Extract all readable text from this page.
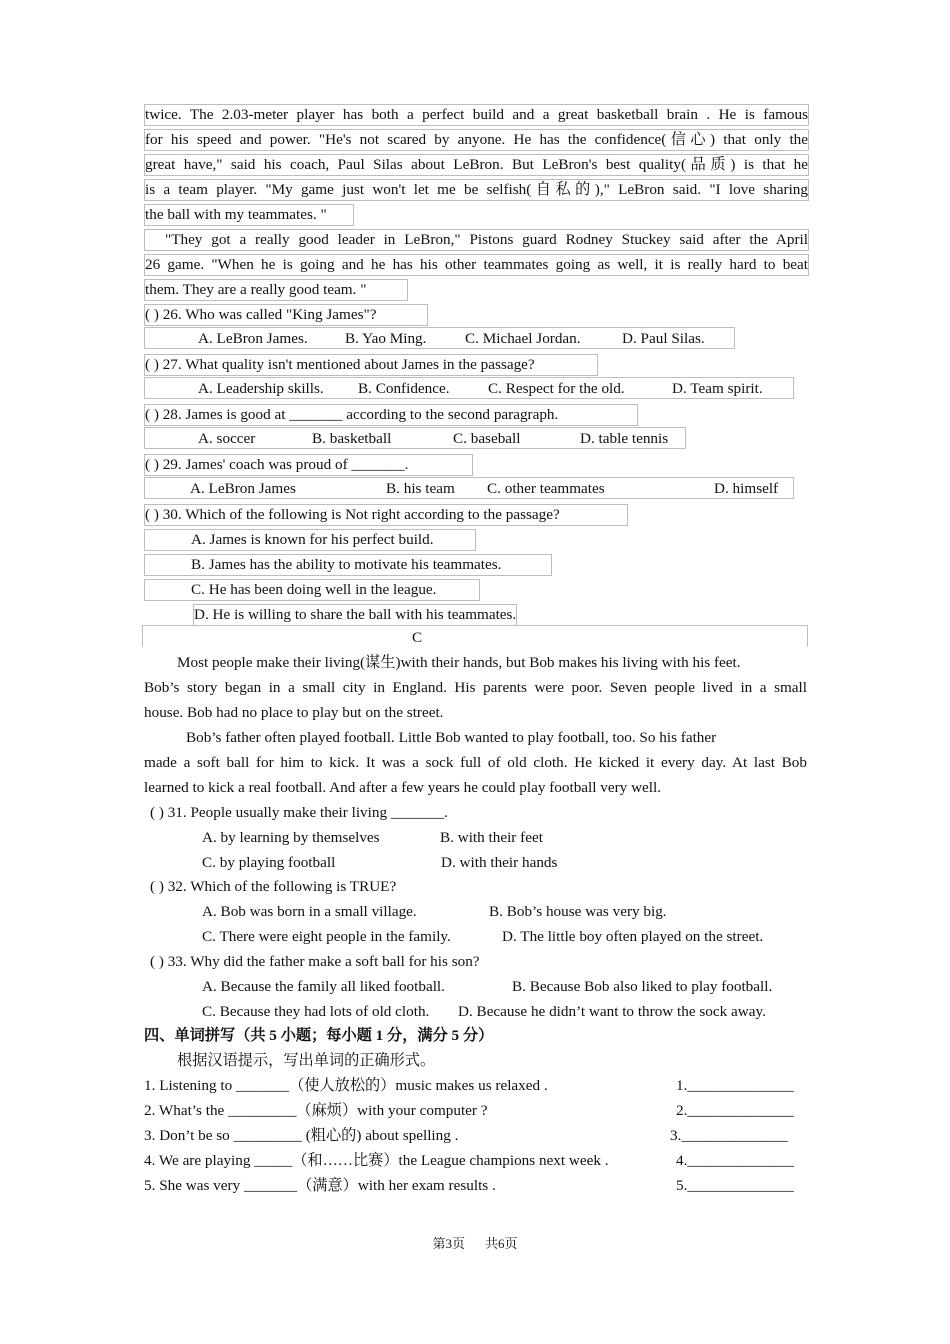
twice. The 2.03-meter player has both a perfect build and a great basketball brain . He is famous
for his speed and power. "He's not scared by anyone. He has the confidence(信心) that only the
great have," said his coach, Paul Silas about LeBron. But LeBron's best quality(品质) is that he
is a team player. "My game just won't let me be selfish(自私的)," LeBron said. "I love sharing
the ball with my teammates. "
"They got a really good leader in LeBron," Pistons guard Rodney Stuckey said after the April
26 game. "When he is going and he has his other teammates going as well, it is really hard to beat
them. They are a really good team. "
( ) 26. Who was called "King James"?
A. LeBron James. B. Yao Ming.	C. Michael Jordan.	D. Paul Silas.
( ) 27. What quality isn't mentioned about James in the passage?
A. Leadership skills. B. Confidence.	C. Respect for the old.	D. Team spirit.
( ) 28. James is good at _______ according to the second paragraph.
A. soccer	B. basketball	C. baseball	D. table tennis
( ) 29. James' coach was proud of _______.
A. LeBron James	B. his team C. other teammates	D. himself
( ) 30. Which of the following is Not right according to the passage?
A. James is known for his perfect build.
B. James has the ability to motivate his teammates.
C. He has been doing well in the league.
D. He is willing to share the ball with his teammates.
C
Most people make their living(谋生)with their hands, but Bob makes his living with his feet.
Bob’s story began in a small city in England. His parents were poor. Seven people lived in a small
house. Bob had no place to play but on the street.
Bob’s father often played football. Little Bob wanted to play football, too. So his father
made a soft ball for him to kick. It was a sock full of old cloth. He kicked it every day. At last Bob
learned to kick a real football. And after a few years he could play football very well.
( ) 31. People usually make their living _______.
A. by learning by themselves	B. with their feet
C. by playing football	D. with their hands
( ) 32. Which of the following is TRUE?
A. Bob was born in a small village.	B. Bob’s house was very big.
C. There were eight people in the family.	D. The little boy often played on the street.
( ) 33. Why did the father make a soft ball for his son?
A. Because the family all liked football.	B. Because Bob also liked to play football.
C. Because they had lots of old cloth. D. Because he didn’t want to throw the sock away.
四、单词拼写（共 5 小题；每小题 1 分，满分 5 分）
根据汉语提示，写出单词的正确形式。
1. Listening to _______（使人放松的）music makes us relaxed .	1.______________
2. What’s the _________（麻烦）with your computer ?	2.______________
3. Don’t be so _________ (粗心的) about spelling .	3.______________
4. We are playing _____（和……比赛）the League champions next week .	4.______________
5. She was very _______（满意）with her exam results .	5.______________
第3页 共6页
